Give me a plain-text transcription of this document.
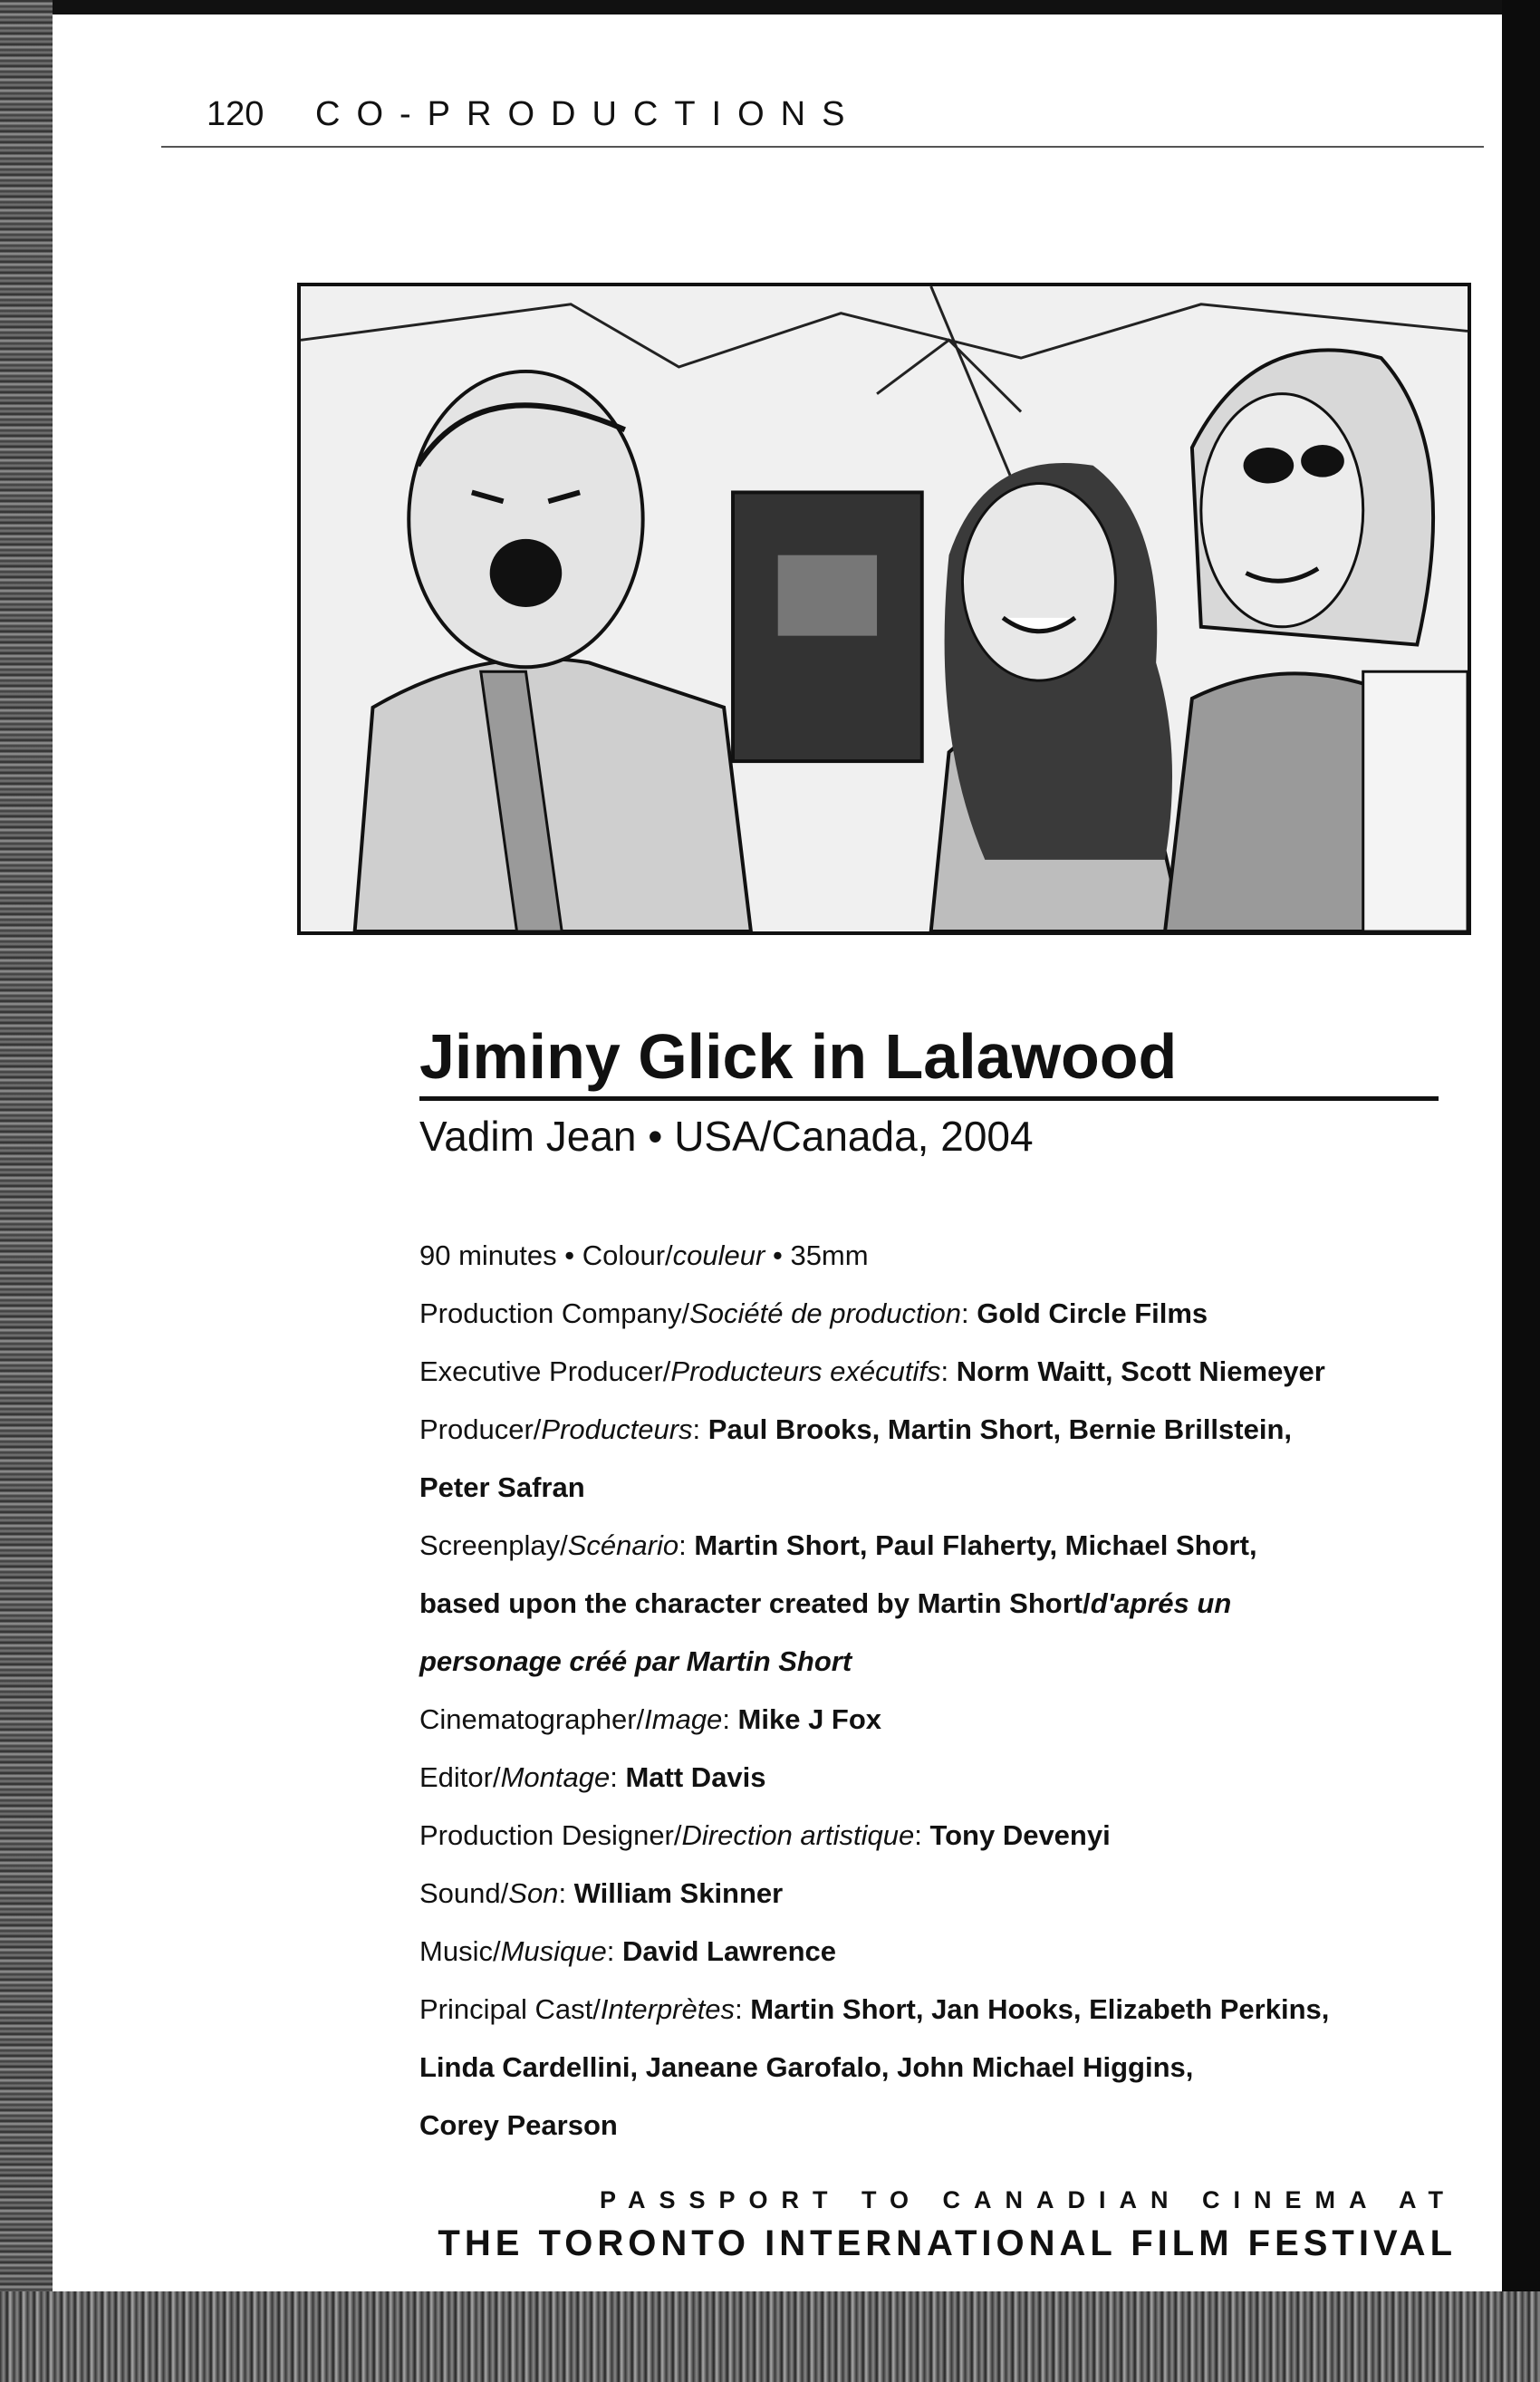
120 CO-PRODUCTIONS
Jiminy Glick in Lalawood
Vadim Jean • USA/Canada, 2004
90 minutes • Colour/couleur • 35mm
Production Company/Société de production: Gold Circle Films
Executive Producer/Producteurs exécutifs: Norm Waitt, Scott Niemeyer
Producer/Producteurs: Paul Brooks, Martin Short, Bernie Brillstein,
Peter Safran
Screenplay/Scénario: Martin Short, Paul Flaherty, Michael Short,
based upon the character created by Martin Short/d'aprés un
personage créé par Martin Short
Cinematographer/Image: Mike J Fox
Editor/Montage: Matt Davis
Production Designer/Direction artistique: Tony Devenyi
Sound/Son: William Skinner
Music/Musique: David Lawrence
Principal Cast/Interprètes: Martin Short, Jan Hooks, Elizabeth Perkins,
Linda Cardellini, Janeane Garofalo, John Michael Higgins,
Corey Pearson
PASSPORT TO CANADIAN CINEMA AT
THE TORONTO INTERNATIONAL FILM FESTIVAL
